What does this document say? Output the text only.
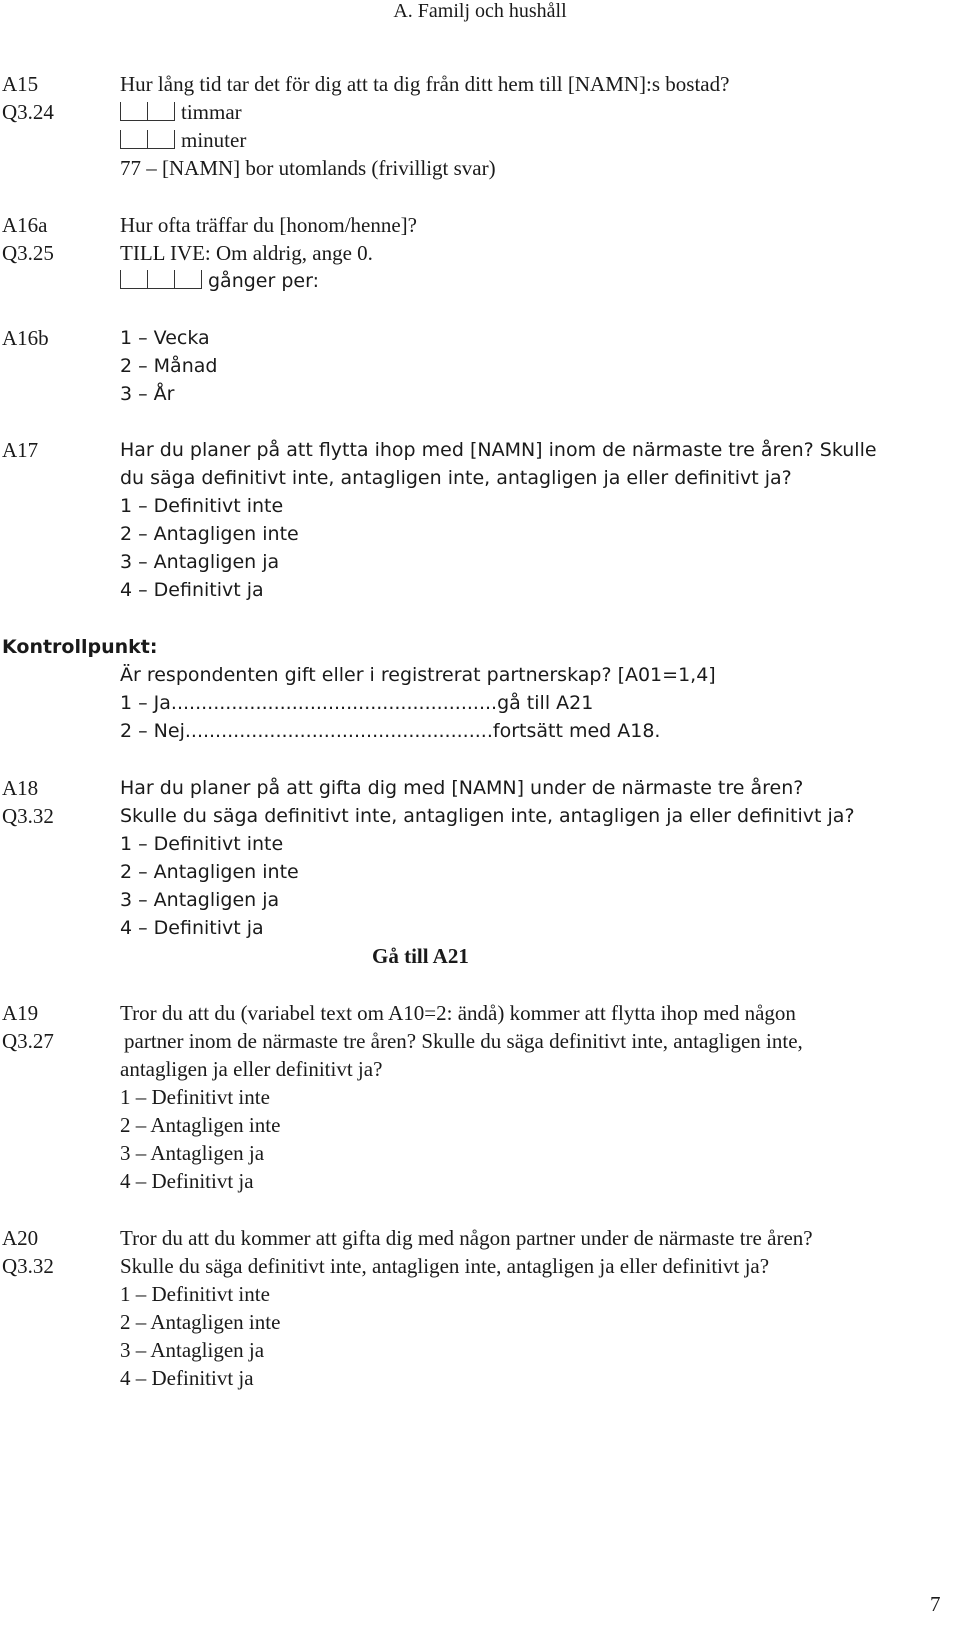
A. Familj och hushåll
A15
Q3.24
Hur lång tid tar det för dig att ta dig från ditt hem till [NAMN]:s bostad?
timmar
minuter
77 – [NAMN] bor utomlands (frivilligt svar)
A16a
Q3.25
Hur ofta träffar du [honom/henne]?
TILL IVE: Om aldrig, ange 0.
gånger per:
A16b	1 – Vecka
2 – Månad
3 – År
A17	Har du planer på att flytta ihop med [NAMN] inom de närmaste tre åren? Skulle
du säga definitivt inte, antagligen inte, antagligen ja eller definitivt ja?
1 – Definitivt inte
2 – Antagligen inte
3 – Antagligen ja
4 – Definitivt ja
Kontrollpunkt:
Är respondenten gift eller i registrerat partnerskap? [A01=1,4]
1 – Ja......................................................gå till A21
2 – Nej...................................................fortsätt med A18.
A18
Q3.32
Har du planer på att gifta dig med [NAMN] under de närmaste tre åren?
Skulle du säga definitivt inte, antagligen inte, antagligen ja eller definitivt ja?
1 – Definitivt inte
2 – Antagligen inte
3 – Antagligen ja
4 – Definitivt ja
Gå till A21
A19
Q3.27
Tror du att du (variabel text om A10=2: ändå) kommer att flytta ihop med någon
partner inom de närmaste tre åren? Skulle du säga definitivt inte, antagligen inte,
antagligen ja eller definitivt ja?
1 – Definitivt inte
2 – Antagligen inte
3 – Antagligen ja
4 – Definitivt ja
A20
Q3.32
Tror du att du kommer att gifta dig med någon partner under de närmaste tre åren?
Skulle du säga definitivt inte, antagligen inte, antagligen ja eller definitivt ja?
1 – Definitivt inte
2 – Antagligen inte
3 – Antagligen ja
4 – Definitivt ja
7
